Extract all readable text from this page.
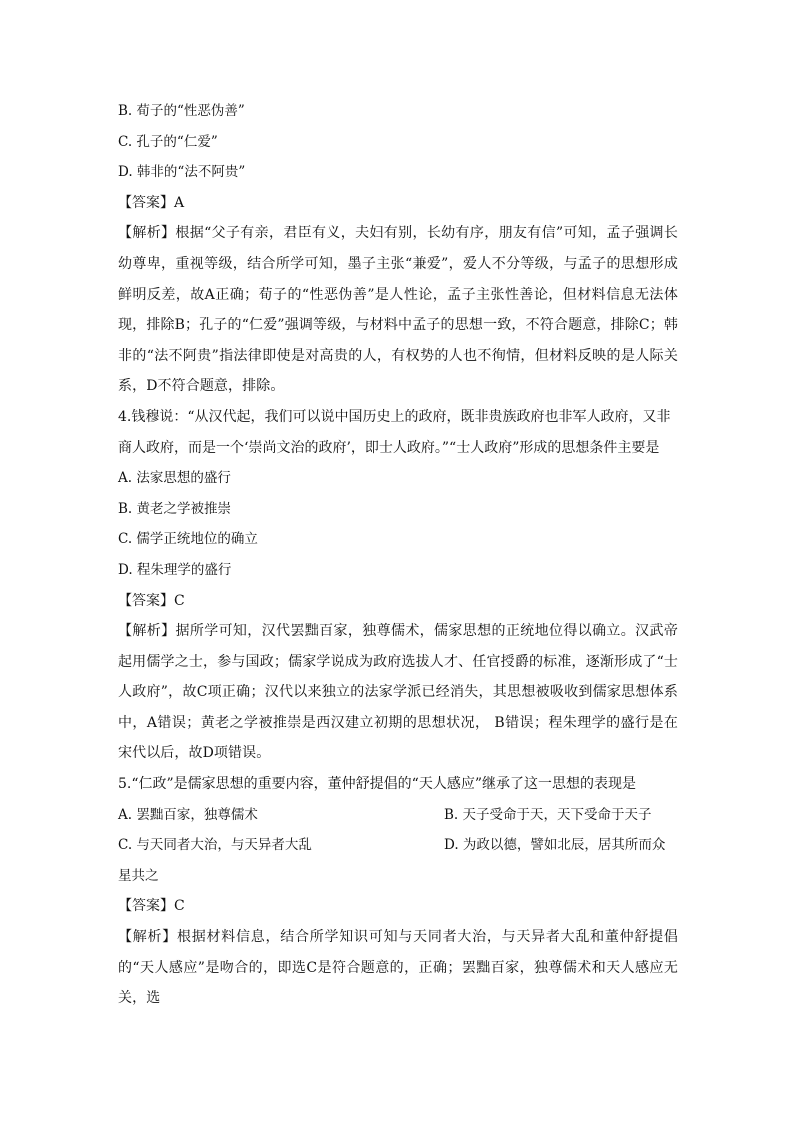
B. 荀子的“性恶伪善”
C. 孔子的“仁爱”
D. 韩非的“法不阿贵”
【答案】A
【解析】根据“父子有亲，君臣有义，夫妇有别，长幼有序，朋友有信”可知，孟子强调长幼尊卑，重视等级，结合所学可知，墨子主张“兼爱”，爱人不分等级，与孟子的思想形成鲜明反差，故A正确；荀子的“性恶伪善”是人性论，孟子主张性善论，但材料信息无法体现，排除B；孔子的“仁爱”强调等级，与材料中孟子的思想一致，不符合题意，排除C；韩非的“法不阿贵”指法律即使是对高贵的人，有权势的人也不徇情，但材料反映的是人际关系，D不符合题意，排除。
4.钱穆说：“从汉代起，我们可以说中国历史上的政府，既非贵族政府也非军人政府，又非商人政府，而是一个‘崇尚文治的政府’，即士人政府。”“士人政府”形成的思想条件主要是
A. 法家思想的盛行
B. 黄老之学被推崇
C. 儒学正统地位的确立
D. 程朱理学的盛行
【答案】C
【解析】据所学可知，汉代罢黜百家，独尊儒术，儒家思想的正统地位得以确立。汉武帝起用儒学之士，参与国政；儒家学说成为政府选拔人才、任官授爵的标准，逐渐形成了“士人政府”，故C项正确；汉代以来独立的法家学派已经消失，其思想被吸收到儒家思想体系中，A错误；黄老之学被推崇是西汉建立初期的思想状况， B错误；程朱理学的盛行是在宋代以后，故D项错误。
5.“仁政”是儒家思想的重要内容，董仲舒提倡的“天人感应”继承了这一思想的表现是
A. 罢黜百家，独尊儒术	B. 天子受命于天，天下受命于天子
C. 与天同者大治，与天异者大乱	D. 为政以德，譬如北辰，居其所而众星共之
【答案】C
【解析】根据材料信息，结合所学知识可知与天同者大治，与天异者大乱和董仲舒提倡的“天人感应”是吻合的，即选C是符合题意的，正确；罢黜百家，独尊儒术和天人感应无关，选
